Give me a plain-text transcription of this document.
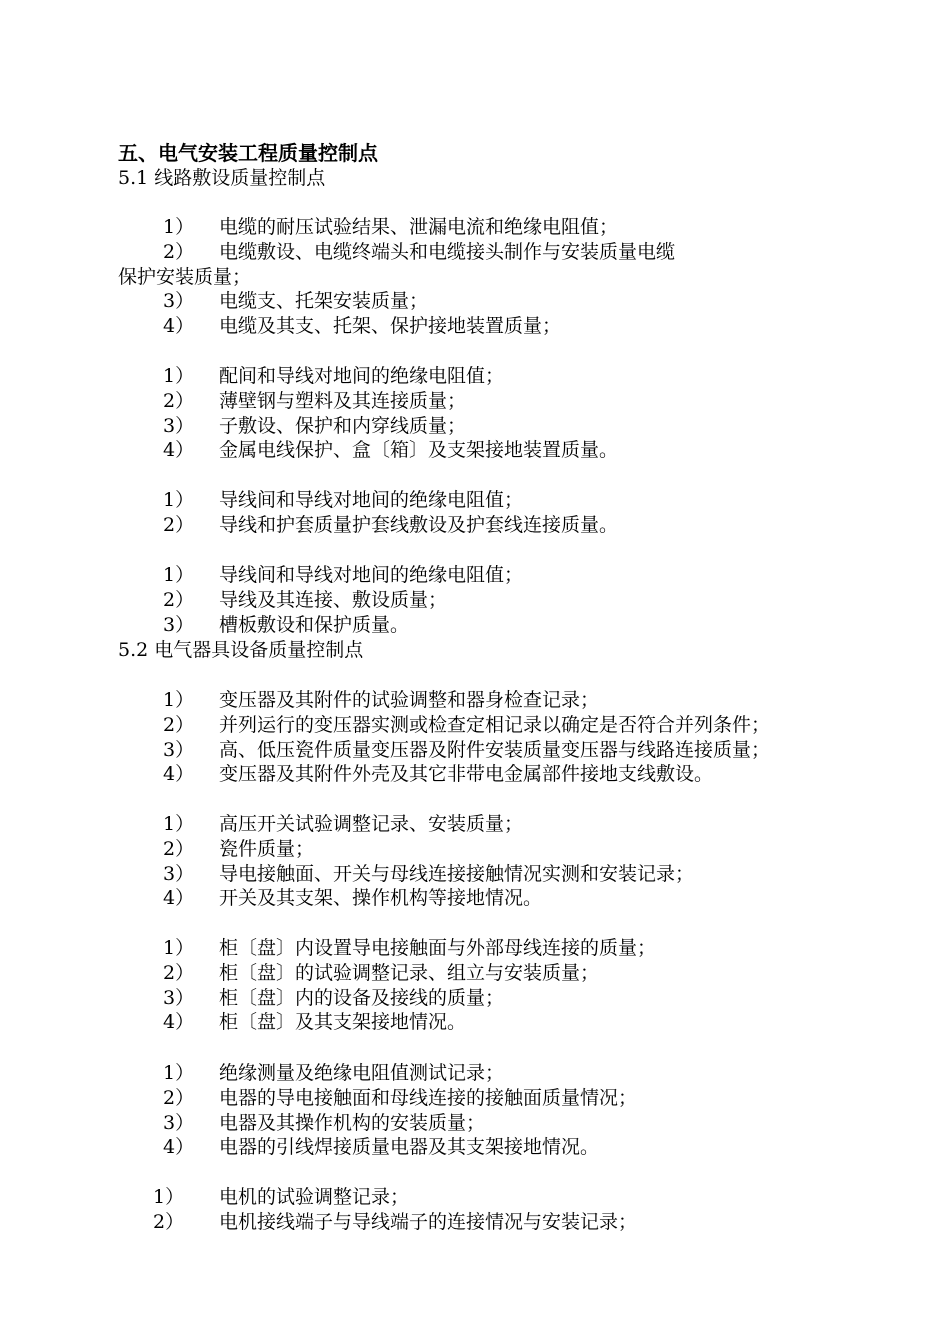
五、电气安装工程质量控制点
5.1 线路敷设质量控制点
1） 电缆的耐压试验结果、泄漏电流和绝缘电阻值；
2） 电缆敷设、电缆终端头和电缆接头制作与安装质量电缆
保护安装质量；
3） 电缆支、托架安装质量；
4） 电缆及其支、托架、保护接地装置质量；
1） 配间和导线对地间的绝缘电阻值；
2） 薄壁钢与塑料及其连接质量；
3） 子敷设、保护和内穿线质量；
4） 金属电线保护、盒〔箱〕及支架接地装置质量。
1） 导线间和导线对地间的绝缘电阻值；
2） 导线和护套质量护套线敷设及护套线连接质量。
1） 导线间和导线对地间的绝缘电阻值；
2） 导线及其连接、敷设质量；
3） 槽板敷设和保护质量。
5.2 电气器具设备质量控制点
1） 变压器及其附件的试验调整和器身检查记录；
2） 并列运行的变压器实测或检查定相记录以确定是否符合并列条件；
3） 高、低压瓷件质量变压器及附件安装质量变压器与线路连接质量；
4） 变压器及其附件外壳及其它非带电金属部件接地支线敷设。
1） 高压开关试验调整记录、安装质量；
2） 瓷件质量；
3） 导电接触面、开关与母线连接接触情况实测和安装记录；
4） 开关及其支架、操作机构等接地情况。
1） 柜〔盘〕内设置导电接触面与外部母线连接的质量；
2） 柜〔盘〕的试验调整记录、组立与安装质量；
3） 柜〔盘〕内的设备及接线的质量；
4） 柜〔盘〕及其支架接地情况。
1） 绝缘测量及绝缘电阻值测试记录；
2） 电器的导电接触面和母线连接的接触面质量情况；
3） 电器及其操作机构的安装质量；
4） 电器的引线焊接质量电器及其支架接地情况。
1） 电机的试验调整记录；
2） 电机接线端子与导线端子的连接情况与安装记录；
